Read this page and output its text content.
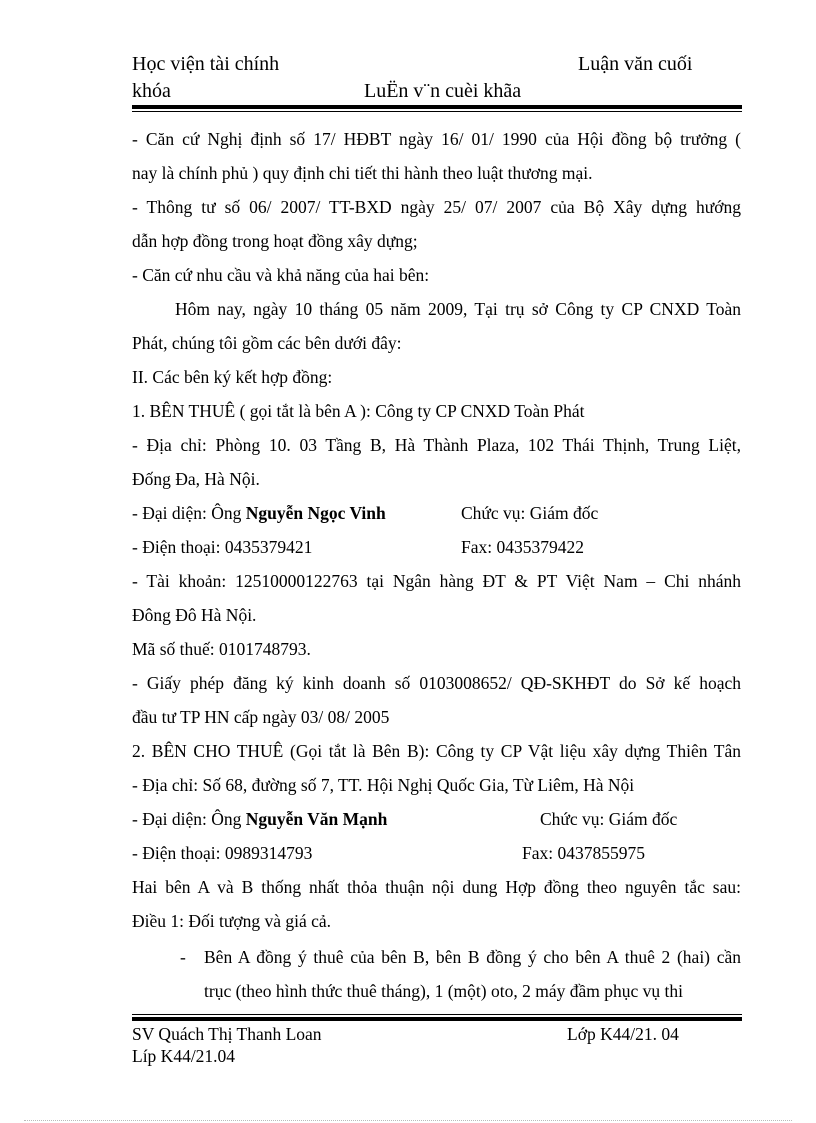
Học viện tài chính	Luận văn cuối
khóa	LuËn v¨n cuèi khãa
- Căn cứ Nghị định số 17/ HĐBT ngày 16/ 01/ 1990 của Hội đồng bộ trưởng (
nay là chính phủ ) quy định chi tiết thi hành theo luật thương mại.
- Thông tư số 06/ 2007/ TT-BXD ngày 25/ 07/ 2007 của Bộ Xây dựng hướng
dẫn hợp đồng trong hoạt đồng xây dựng;
- Căn cứ nhu cầu và khả năng của hai bên:
Hôm nay, ngày 10 tháng 05 năm 2009, Tại trụ sở Công ty CP CNXD Toàn
Phát, chúng tôi gồm các bên dưới đây:
II. Các bên ký kết hợp đồng:
1. BÊN THUÊ ( gọi tắt là bên A ): Công ty CP CNXD Toàn Phát
- Địa chỉ: Phòng 10. 03 Tầng B, Hà Thành Plaza, 102 Thái Thịnh, Trung Liệt,
Đống Đa, Hà Nội.
- Đại diện: Ông Nguyễn Ngọc Vinh	Chức vụ: Giám đốc
- Điện thoại: 0435379421	Fax: 0435379422
- Tài khoản: 12510000122763 tại Ngân hàng ĐT & PT Việt Nam – Chi nhánh
Đông Đô Hà Nội.
Mã số thuế: 0101748793.
- Giấy phép đăng ký kinh doanh số 0103008652/ QĐ-SKHĐT do Sở kế hoạch
đầu tư TP HN cấp ngày 03/ 08/ 2005
2. BÊN CHO THUÊ (Gọi tắt là Bên B): Công ty CP Vật liệu xây dựng Thiên Tân
- Địa chỉ: Số 68, đường số 7, TT. Hội Nghị Quốc Gia, Từ Liêm, Hà Nội
- Đại diện: Ông Nguyễn Văn Mạnh	Chức vụ: Giám đốc
- Điện thoại: 0989314793	Fax: 0437855975
Hai bên A và B thống nhất thỏa thuận nội dung Hợp đồng theo nguyên tắc sau:
Điều 1: Đối tượng và giá cả.
- Bên A đồng ý thuê của bên B, bên B đồng ý cho bên A thuê 2 (hai) cần
trục (theo hình thức thuê tháng), 1 (một) oto, 2 máy đầm phục vụ thi
SV Quách Thị Thanh Loan	Lớp K44/21. 04
Líp K44/21.04
